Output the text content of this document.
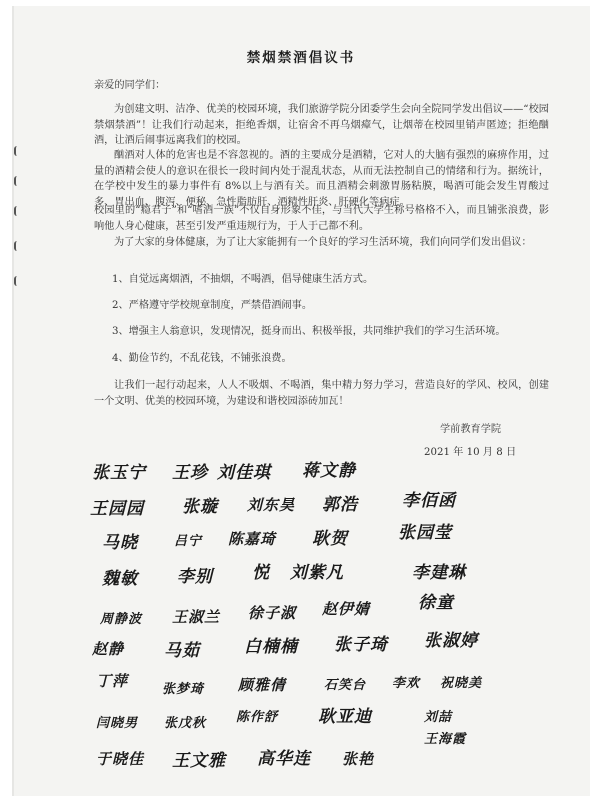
禁烟禁酒倡议书
亲爱的同学们：
为创建文明、洁净、优美的校园环境，我们旅游学院分团委学生会向全院同学发出倡议——“校园禁烟禁酒”！让我们行动起来，拒绝香烟，让宿舍不再乌烟瘴气，让烟蒂在校园里销声匿迹；拒绝酗酒，让酒后闹事远离我们的校园。
酗酒对人体的危害也是不容忽视的。酒的主要成分是酒精，它对人的大脑有强烈的麻痹作用，过量的酒精会使人的意识在很长一段时间内处于混乱状态，从而无法控制自己的情绪和行为。据统计，在学校中发生的暴力事件有 8%以上与酒有关。而且酒精会刺激胃肠粘膜，喝酒可能会发生胃酸过多、胃出血、腹泻、便秘、急性脂肪肝、酒精性肝炎、肝硬化等病症。
校园里的“瘾君子”和“嗜酒一族”不仅自身形象不佳，与当代大学生称号格格不入，而且铺张浪费，影响他人身心健康，甚至引发严重违规行为，于人于己都不利。
为了大家的身体健康，为了让大家能拥有一个良好的学习生活环境，我们向同学们发出倡议：
1、自觉远离烟酒，不抽烟，不喝酒，倡导健康生活方式。
2、严格遵守学校规章制度，严禁借酒闹事。
3、增强主人翁意识，发现情况，挺身而出、积极举报，共同维护我们的学习生活环境。
4、勤俭节约，不乱花钱，不铺张浪费。
让我们一起行动起来，人人不吸烟、不喝酒，集中精力努力学习，营造良好的学风、校风，创建一个文明、优美的校园环境，为建设和谐校园添砖加瓦！
学前教育学院
2021 年 10 月 8 日
张玉宁 王珍 刘佳琪 蒋文静
王园园 张璇 刘东昊 郭浩	李佰函
马晓	吕宁 陈嘉琦 耿贺	张园莹
魏敏 李别 悦 刘紫凡	李建琳
周静波 王淑兰 徐子淑 赵伊婧	徐童
赵静 马茹	白楠楠 张子琦 张淑婷
丁萍	张梦琦 顾雅倩	石笑台 李欢 祝晓美
闫晓男 张戊秋 陈作舒 耿亚迪	刘喆
王海霞
于晓佳 王文雅 高华连 张艳
